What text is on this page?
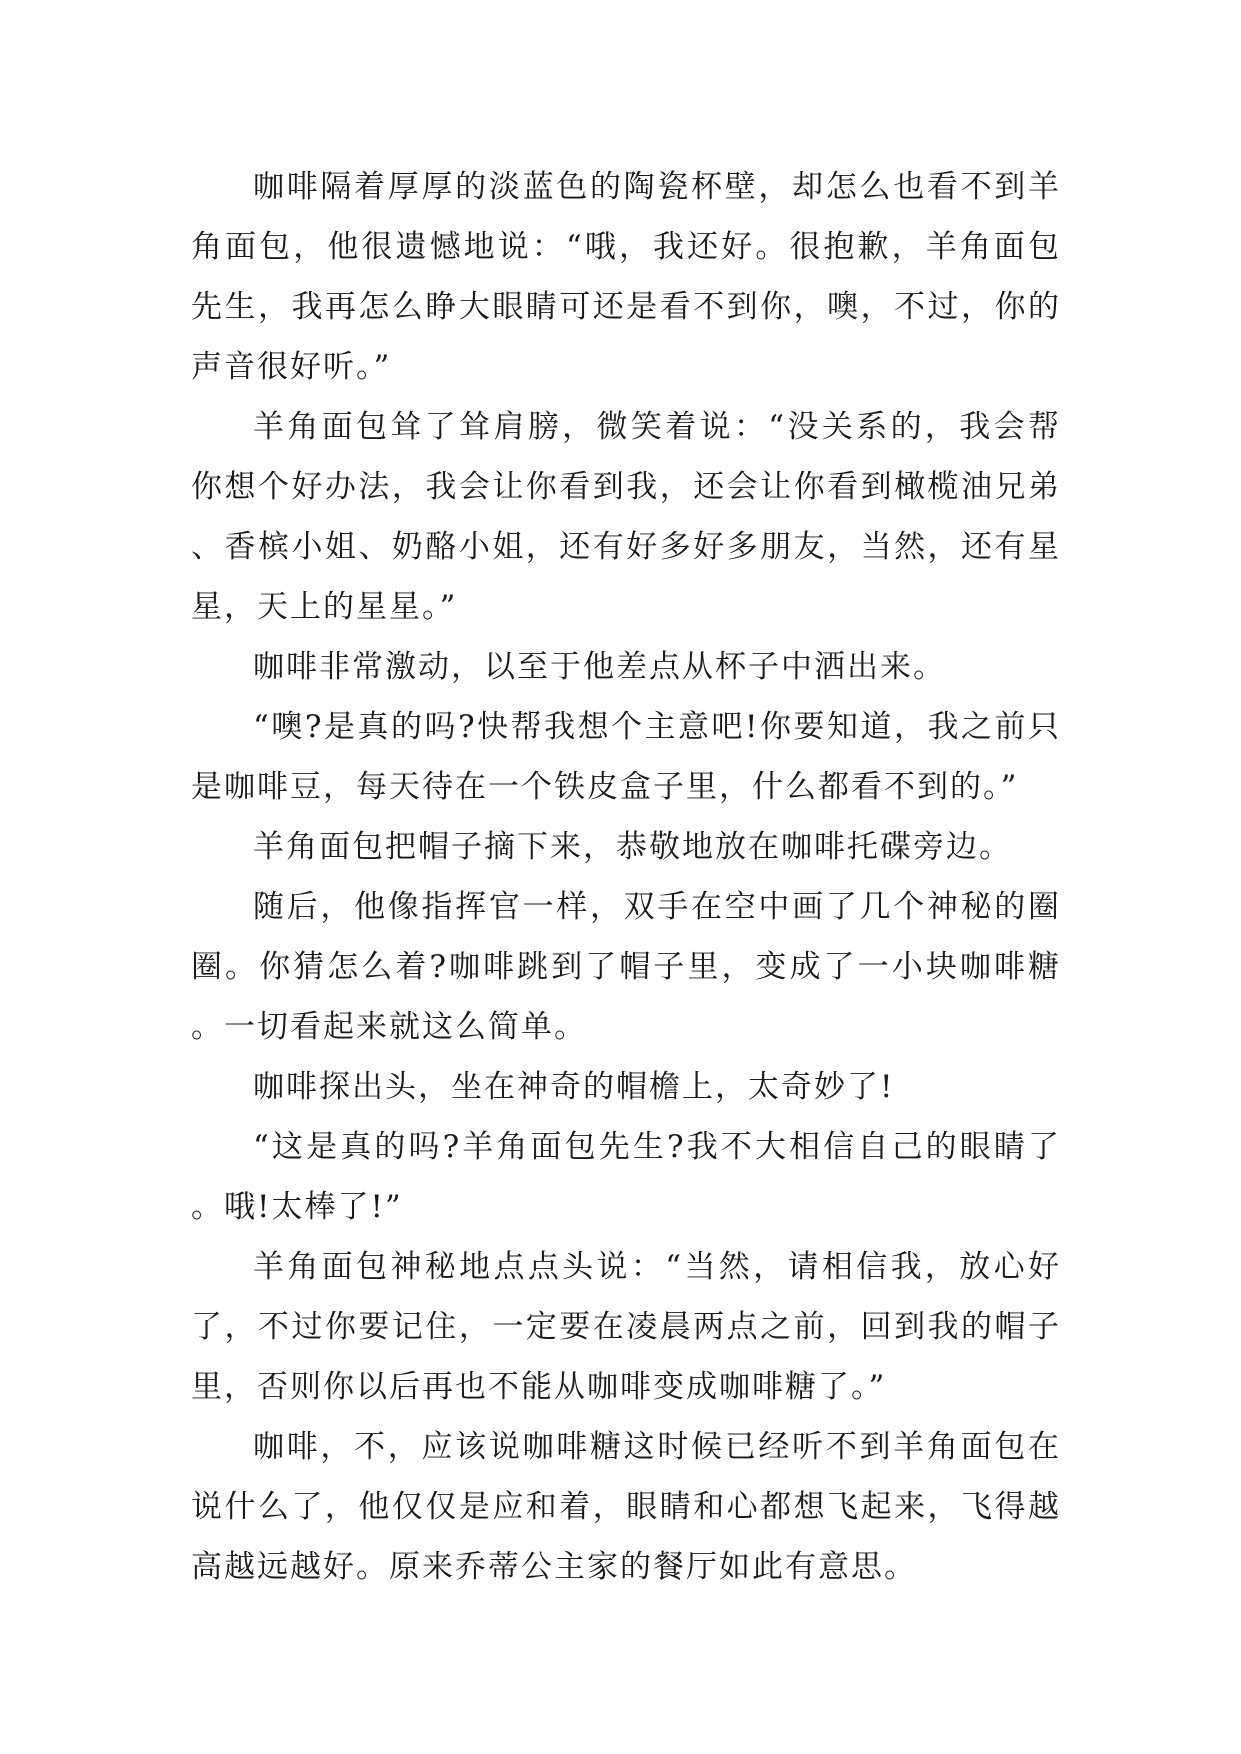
咖啡隔着厚厚的淡蓝色的陶瓷杯壁，却怎么也看不到羊角面包，他很遗憾地说：“哦，我还好。很抱歉，羊角面包先生，我再怎么睁大眼睛可还是看不到你，噢，不过，你的声音很好听。”

羊角面包耸了耸肩膀，微笑着说：“没关系的，我会帮你想个好办法，我会让你看到我，还会让你看到橄榄油兄弟、香槟小姐、奶酪小姐，还有好多好多朋友，当然，还有星星，天上的星星。”

咖啡非常激动，以至于他差点从杯子中洒出来。

“噢?是真的吗?快帮我想个主意吧!你要知道，我之前只是咖啡豆，每天待在一个铁皮盒子里，什么都看不到的。”

羊角面包把帽子摘下来，恭敬地放在咖啡托碟旁边。

随后，他像指挥官一样，双手在空中画了几个神秘的圈圈。你猜怎么着?咖啡跳到了帽子里，变成了一小块咖啡糖。一切看起来就这么简单。

咖啡探出头，坐在神奇的帽檐上，太奇妙了!

“这是真的吗?羊角面包先生?我不大相信自己的眼睛了。哦!太棒了!”

羊角面包神秘地点点头说：“当然，请相信我，放心好了，不过你要记住，一定要在凌晨两点之前，回到我的帽子里，否则你以后再也不能从咖啡变成咖啡糖了。”

咖啡，不，应该说咖啡糖这时候已经听不到羊角面包在说什么了，他仅仅是应和着，眼睛和心都想飞起来，飞得越高越远越好。原来乔蒂公主家的餐厅如此有意思。
